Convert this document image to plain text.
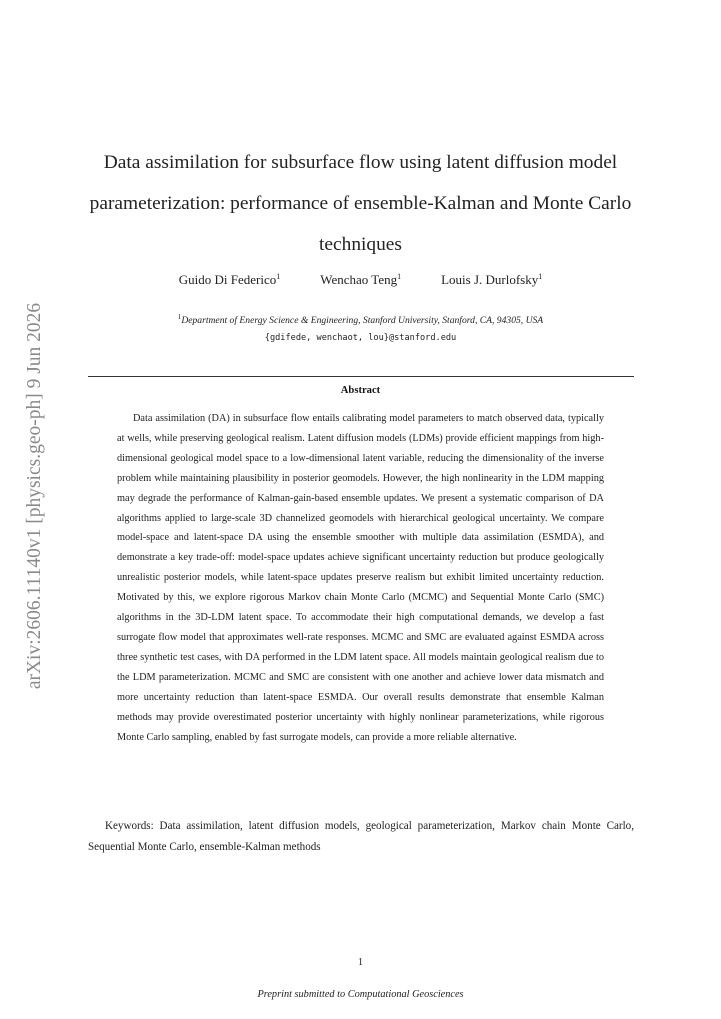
arXiv:2606.11140v1 [physics.geo-ph] 9 Jun 2026
Data assimilation for subsurface flow using latent diffusion model parameterization: performance of ensemble-Kalman and Monte Carlo techniques
Guido Di Federico$^1$	Wenchao Teng$^1$	Louis J. Durlofsky$^1$
$^1$Department of Energy Science & Engineering, Stanford University, Stanford, CA, 94305, USA
{gdifede, wenchaot, lou}@stanford.edu
Abstract

Data assimilation (DA) in subsurface flow entails calibrating model parameters to match observed data, typically at wells, while preserving geological realism. Latent diffusion models (LDMs) provide efficient mappings from high-dimensional geological model space to a low-dimensional latent variable, reducing the dimensionality of the inverse problem while maintaining plausibility in posterior geomodels. However, the high nonlinearity in the LDM mapping may degrade the performance of Kalman-gain-based ensemble updates. We present a systematic comparison of DA algorithms applied to large-scale 3D channelized geomodels with hierarchical geological uncertainty. We compare model-space and latent-space DA using the ensemble smoother with multiple data assimilation (ESMDA), and demonstrate a key trade-off: model-space updates achieve significant uncertainty reduction but produce geologically unrealistic posterior models, while latent-space updates preserve realism but exhibit limited uncertainty reduction. Motivated by this, we explore rigorous Markov chain Monte Carlo (MCMC) and Sequential Monte Carlo (SMC) algorithms in the 3D-LDM latent space. To accommodate their high computational demands, we develop a fast surrogate flow model that approximates well-rate responses. MCMC and SMC are evaluated against ESMDA across three synthetic test cases, with DA performed in the LDM latent space. All models maintain geological realism due to the LDM parameterization. MCMC and SMC are consistent with one another and achieve lower data mismatch and more uncertainty reduction than latent-space ESMDA. Our overall results demonstrate that ensemble Kalman methods may provide overestimated posterior uncertainty with highly nonlinear parameterizations, while rigorous Monte Carlo sampling, enabled by fast surrogate models, can provide a more reliable alternative.

Keywords: Data assimilation, latent diffusion models, geological parameterization, Markov chain Monte Carlo, Sequential Monte Carlo, ensemble-Kalman methods

1
Preprint submitted to Computational Geosciences
